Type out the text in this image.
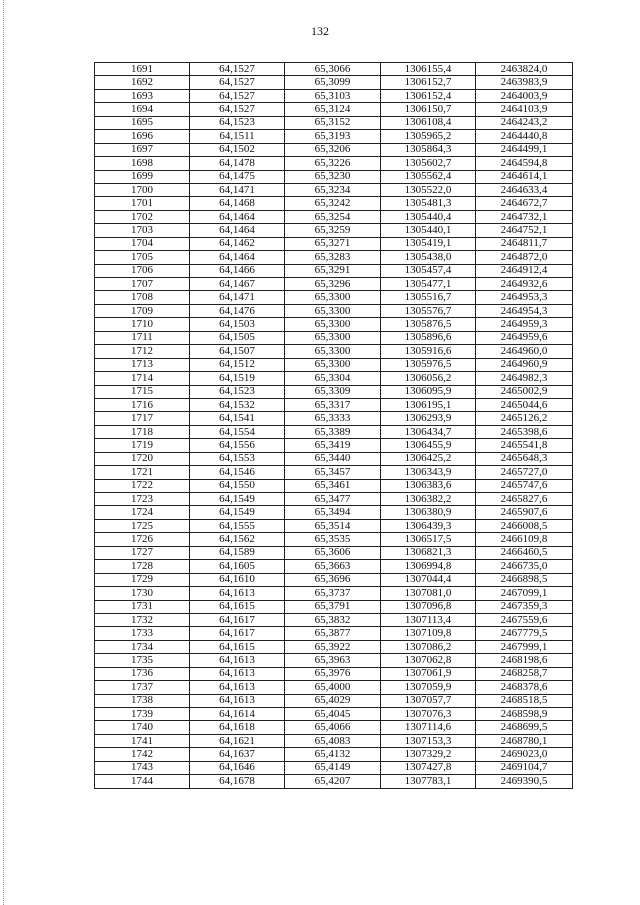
132
1691	64,1527	65,3066	1306155,4	2463824,0
1692	64,1527	65,3099	1306152,7	2463983,9
1693	64,1527	65,3103	1306152,4	2464003,9
1694	64,1527	65,3124	1306150,7	2464103,9
1695	64,1523	65,3152	1306108,4	2464243,2
1696	64,1511	65,3193	1305965,2	2464440,8
1697	64,1502	65,3206	1305864,3	2464499,1
1698	64,1478	65,3226	1305602,7	2464594,8
1699	64,1475	65,3230	1305562,4	2464614,1
1700	64,1471	65,3234	1305522,0	2464633,4
1701	64,1468	65,3242	1305481,3	2464672,7
1702	64,1464	65,3254	1305440,4	2464732,1
1703	64,1464	65,3259	1305440,1	2464752,1
1704	64,1462	65,3271	1305419,1	2464811,7
1705	64,1464	65,3283	1305438,0	2464872,0
1706	64,1466	65,3291	1305457,4	2464912,4
1707	64,1467	65,3296	1305477,1	2464932,6
1708	64,1471	65,3300	1305516,7	2464953,3
1709	64,1476	65,3300	1305576,7	2464954,3
1710	64,1503	65,3300	1305876,5	2464959,3
1711	64,1505	65,3300	1305896,6	2464959,6
1712	64,1507	65,3300	1305916,6	2464960,0
1713	64,1512	65,3300	1305976,5	2464960,9
1714	64,1519	65,3304	1306056,2	2464982,3
1715	64,1523	65,3309	1306095,9	2465002,9
1716	64,1532	65,3317	1306195,1	2465044,6
1717	64,1541	65,3333	1306293,9	2465126,2
1718	64,1554	65,3389	1306434,7	2465398,6
1719	64,1556	65,3419	1306455,9	2465541,8
1720	64,1553	65,3440	1306425,2	2465648,3
1721	64,1546	65,3457	1306343,9	2465727,0
1722	64,1550	65,3461	1306383,6	2465747,6
1723	64,1549	65,3477	1306382,2	2465827,6
1724	64,1549	65,3494	1306380,9	2465907,6
1725	64,1555	65,3514	1306439,3	2466008,5
1726	64,1562	65,3535	1306517,5	2466109,8
1727	64,1589	65,3606	1306821,3	2466460,5
1728	64,1605	65,3663	1306994,8	2466735,0
1729	64,1610	65,3696	1307044,4	2466898,5
1730	64,1613	65,3737	1307081,0	2467099,1
1731	64,1615	65,3791	1307096,8	2467359,3
1732	64,1617	65,3832	1307113,4	2467559,6
1733	64,1617	65,3877	1307109,8	2467779,5
1734	64,1615	65,3922	1307086,2	2467999,1
1735	64,1613	65,3963	1307062,8	2468198,6
1736	64,1613	65,3976	1307061,9	2468258,7
1737	64,1613	65,4000	1307059,9	2468378,6
1738	64,1613	65,4029	1307057,7	2468518,5
1739	64,1614	65,4045	1307076,3	2468598,9
1740	64,1618	65,4066	1307114,6	2468699,5
1741	64,1621	65,4083	1307153,3	2468780,1
1742	64,1637	65,4132	1307329,2	2469023,0
1743	64,1646	65,4149	1307427,8	2469104,7
1744	64,1678	65,4207	1307783,1	2469390,5
